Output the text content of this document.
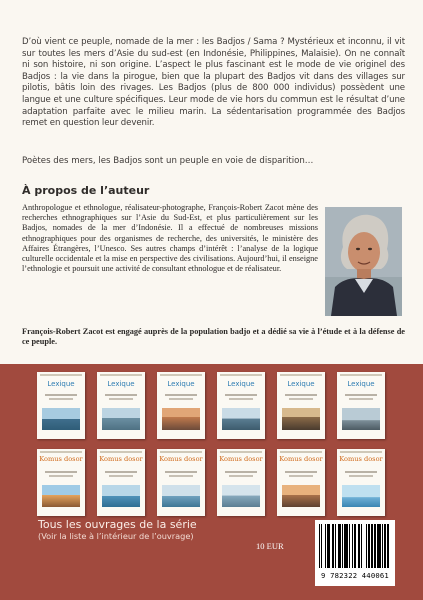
D’où vient ce peuple, nomade de la mer : les Badjos / Sama ? Mystérieux et inconnu, il vit sur toutes les mers d’Asie du sud-est (en Indonésie, Philippines, Malaisie). On ne connaît ni son histoire, ni son origine. L’aspect le plus fascinant est le mode de vie originel des Badjos : la vie dans la pirogue, bien que la plupart des Badjos vit dans des villages sur pilotis, bâtis loin des rivages. Les Badjos (plus de 800 000 individus) possèdent une langue et une culture spécifiques. Leur mode de vie hors du commun est le résultat d’une adaptation parfaite avec le milieu marin. La sédentarisation programmée des Badjos remet en question leur devenir.

Poètes des mers, les Badjos sont un peuple en voie de disparition…

À propos de l’auteur

Anthropologue et ethnologue, réalisateur-photographe, François-Robert Zacot mène des recherches ethnographiques sur l’Asie du Sud-Est, et plus particulièrement sur les Badjos, nomades de la mer d’Indonésie. Il a effectué de nombreuses missions ethnographiques pour des organismes de recherche, des universités, le ministère des Affaires Étrangères, l’Unesco. Ses autres champs d’intérêt : l’analyse de la logique culturelle occidentale et la mise en perspective des civilisations. Aujourd’hui, il enseigne l’ethnologie et poursuit une activité de consultant ethnologue et de réalisateur.

François-Robert Zacot est engagé auprès de la population badjo et a dédié sa vie à l’étude et à la défense de ce peuple.

Lexique	Lexique	Lexique	Lexique	Lexique	Lexique
Komus dosor	Komus dosor	Komus dosor	Komus dosor	Komus dosor	Komus dosor
Tous les ouvrages de la série
(Voir la liste à l’intérieur de l’ouvrage)
10 EUR
9 782322 440061
